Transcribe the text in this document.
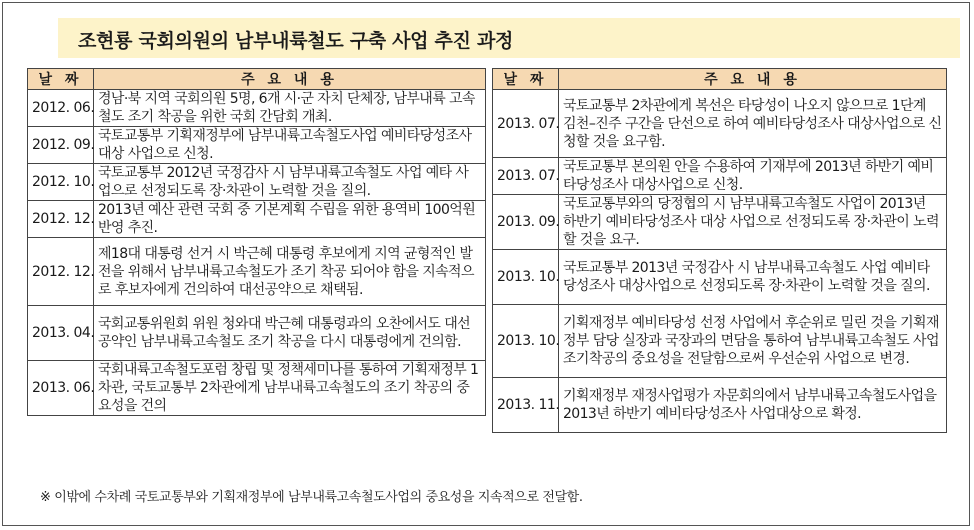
조현룡 국회의원의 남부내륙철도 구축 사업 추진 과정
날 짜	주 요 내 용
2012. 06.	경남·북 지역 국회의원 5명, 6개 시·군 자치 단체장, 남부내륙 고속철도 조기 착공을 위한 국회 간담회 개최.
2012. 09.	국토교통부 기획재정부에 남부내륙고속철도사업 예비타당성조사 대상 사업으로 신청.
2012. 10.	국토교통부 2012년 국정감사 시 남부내륙고속철도 사업 예타 사업으로 선정되도록 장·차관이 노력할 것을 질의.
2012. 12.	2013년 예산 관련 국회 중 기본계획 수립을 위한 용역비 100억원 반영 추진.
2012. 12.	제18대 대통령 선거 시 박근혜 대통령 후보에게 지역 균형적인 발전을 위해서 남부내륙고속철도가 조기 착공 되어야 함을 지속적으로 후보자에게 건의하여 대선공약으로 채택됨.
2013. 04.	국회교통위원회 위원 청와대 박근혜 대통령과의 오찬에서도 대선 공약인 남부내륙고속철도 조기 착공을 다시 대통령에게 건의함.
2013. 06.	국회내륙고속철도포럼 창립 및 정책세미나를 통하여 기획재정부 1차관, 국토교통부 2차관에게 남부내륙고속철도의 조기 착공의 중요성을 건의
날 짜	주 요 내 용
2013. 07.	국토교통부 2차관에게 복선은 타당성이 나오지 않으므로 1단계 김천–진주 구간을 단선으로 하여 예비타당성조사 대상사업으로 신청할 것을 요구함.
2013. 07.	국토교통부 본의원 안을 수용하여 기재부에 2013년 하반기 예비타당성조사 대상사업으로 신청.
2013. 09.	국토교통부와의 당정협의 시 남부내륙고속철도 사업이 2013년 하반기 예비타당성조사 대상 사업으로 선정되도록 장·차관이 노력할 것을 요구.
2013. 10.	국토교통부 2013년 국정감사 시 남부내륙고속철도 사업 예비타당성조사 대상사업으로 선정되도록 장·차관이 노력할 것을 질의.
2013. 10.	기획재정부 예비타당성 선정 사업에서 후순위로 밀린 것을 기획재정부 담당 실장과 국장과의 면담을 통하여 남부내륙고속철도 사업 조기착공의 중요성을 전달함으로써 우선순위 사업으로 변경.
2013. 11.	기획재정부 재정사업평가 자문회의에서 남부내륙고속철도사업을 2013년 하반기 예비타당성조사 사업대상으로 확정.
※ 이밖에 수차례 국토교통부와 기획재정부에 남부내륙고속철도사업의 중요성을 지속적으로 전달함.
